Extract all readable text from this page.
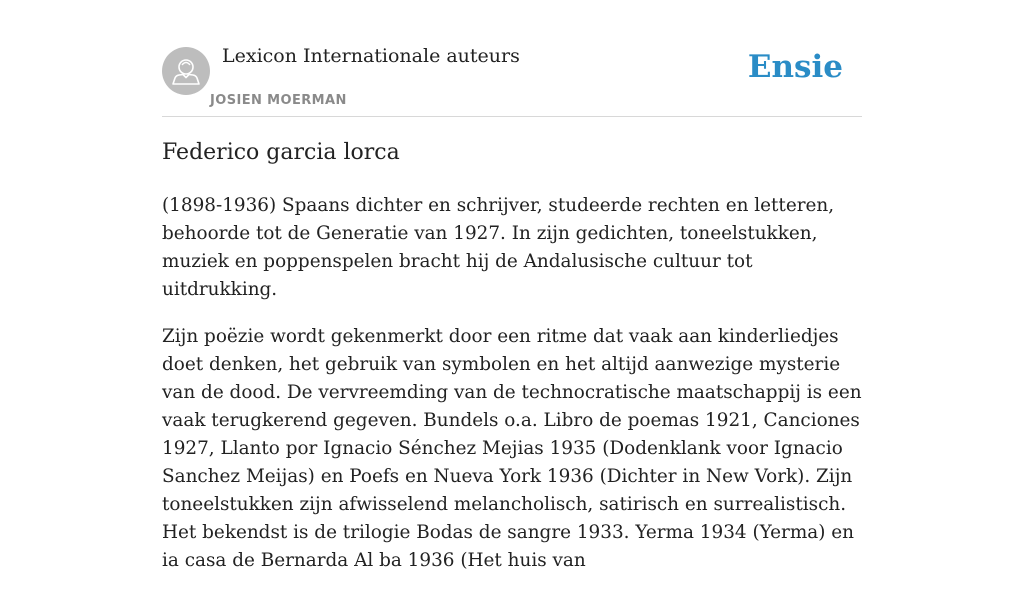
Lexicon Internationale auteurs
JOSIEN MOERMAN
Ensie
Federico garcia lorca

(1898-1936) Spaans dichter en schrijver, studeerde rechten en letteren, behoorde tot de Generatie van 1927. In zijn gedichten, toneelstukken, muziek en poppenspelen bracht hij de Andalusische cultuur tot uitdrukking.

Zijn poëzie wordt gekenmerkt door een ritme dat vaak aan kinderliedjes doet denken, het gebruik van symbolen en het altijd aanwezige mysterie van de dood. De vervreemding van de technocratische maatschappij is een vaak terugkerend gegeven. Bundels o.a. Libro de poemas 1921, Canciones 1927, Llanto por Ignacio Sénchez Mejias 1935 (Dodenklank voor Ignacio Sanchez Meijas) en Poefs en Nueva York 1936 (Dichter in New Vork). Zijn toneelstukken zijn afwisselend melancholisch, satirisch en surrealistisch. Het bekendst is de trilogie Bodas de sangre 1933. Yerma 1934 (Yerma) en ia casa de Bernarda Al ba 1936 (Het huis van
